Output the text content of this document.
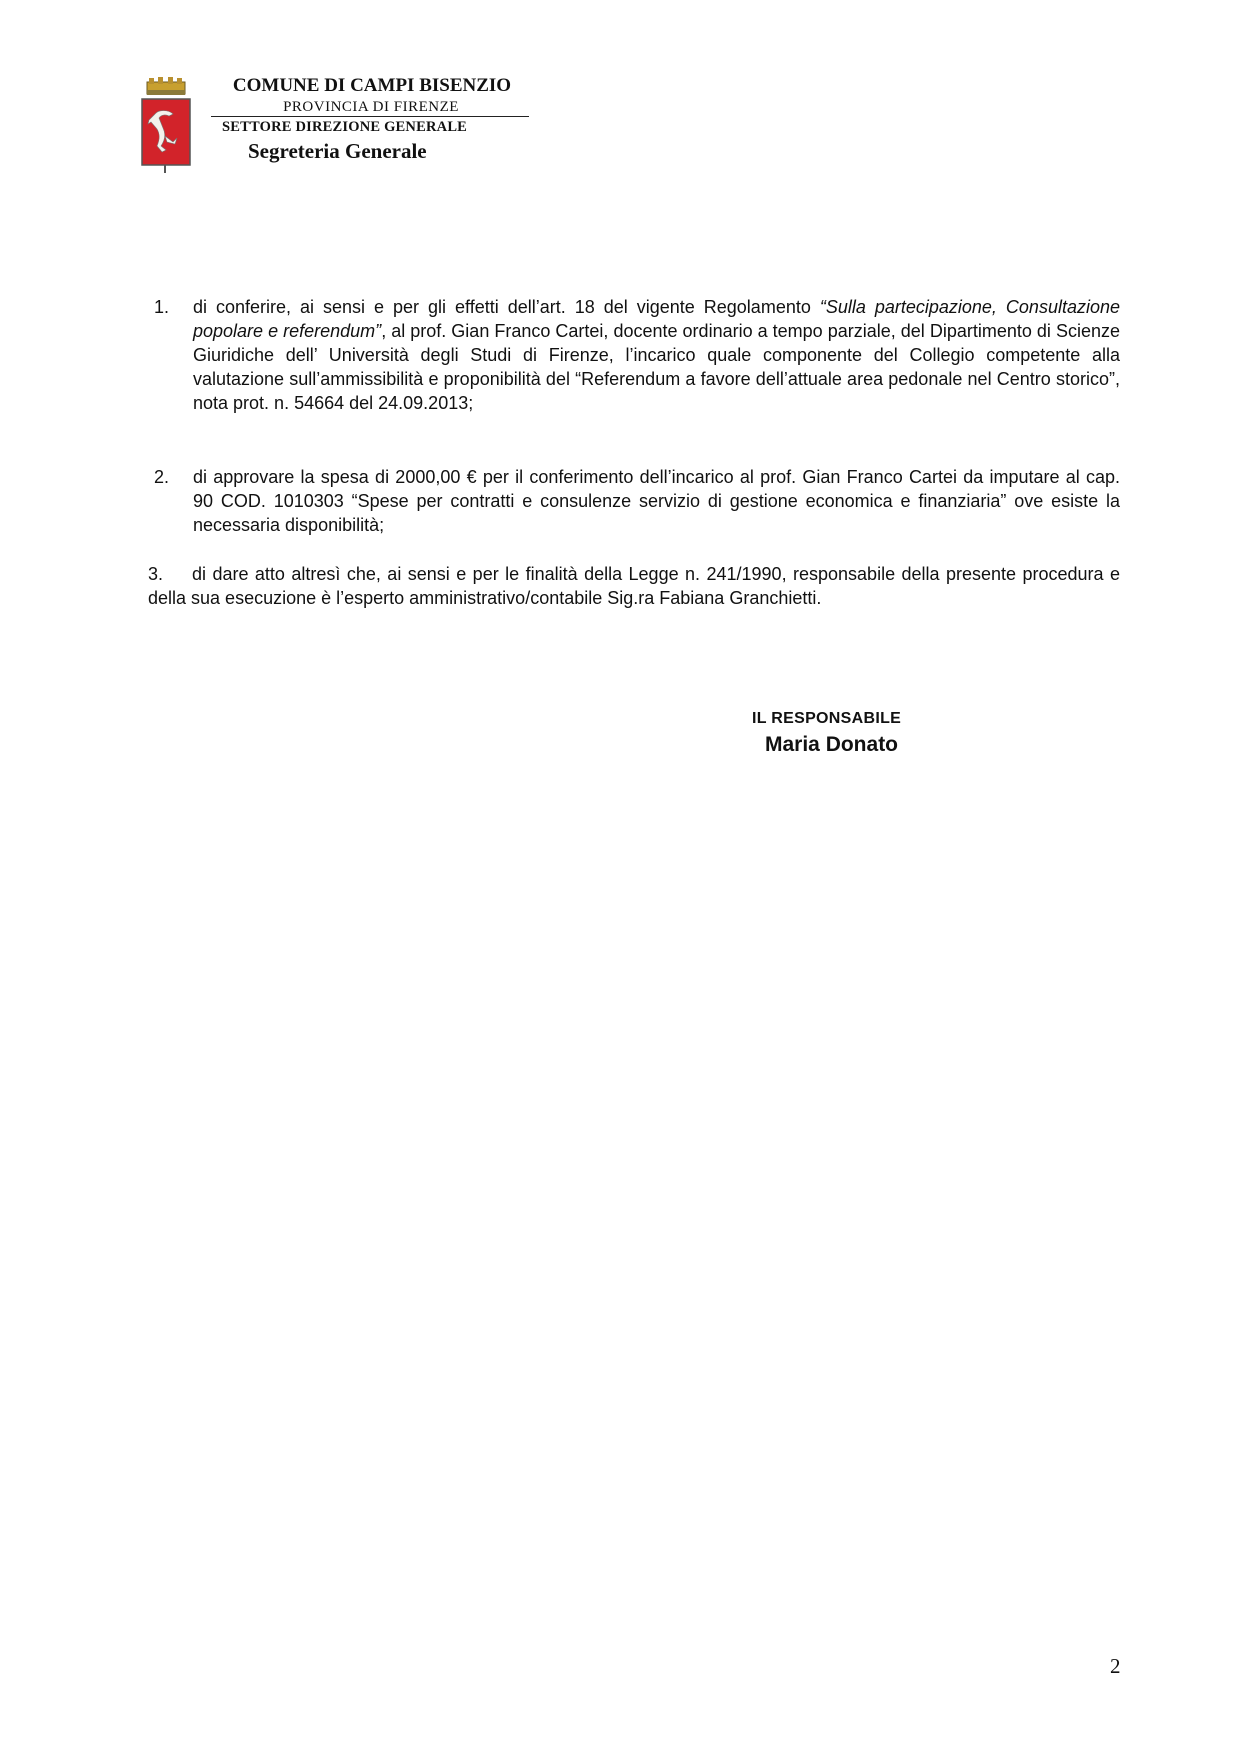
COMUNE DI CAMPI BISENZIO
PROVINCIA DI FIRENZE
SETTORE DIREZIONE GENERALE
Segreteria Generale
1. di conferire, ai sensi e per gli effetti dell’art. 18 del vigente Regolamento “Sulla partecipazione, Consultazione popolare e referendum”, al prof. Gian Franco Cartei, docente ordinario a tempo parziale, del Dipartimento di Scienze Giuridiche dell’ Università degli Studi di Firenze, l’incarico quale componente del Collegio competente alla valutazione sull’ammissibilità e proponibilità del “Referendum a favore dell’attuale area pedonale nel Centro storico”, nota prot. n. 54664 del 24.09.2013;
2. di approvare la spesa di 2000,00 € per il conferimento dell’incarico al prof. Gian Franco Cartei da imputare al cap. 90 COD. 1010303 “Spese per contratti e consulenze servizio di gestione economica e finanziaria” ove esiste la necessaria disponibilità;
3.	di dare atto altresì che, ai sensi e per le finalità della Legge n. 241/1990, responsabile della presente procedura e della sua esecuzione è l’esperto amministrativo/contabile Sig.ra Fabiana Granchietti.
IL RESPONSABILE
Maria Donato
2
